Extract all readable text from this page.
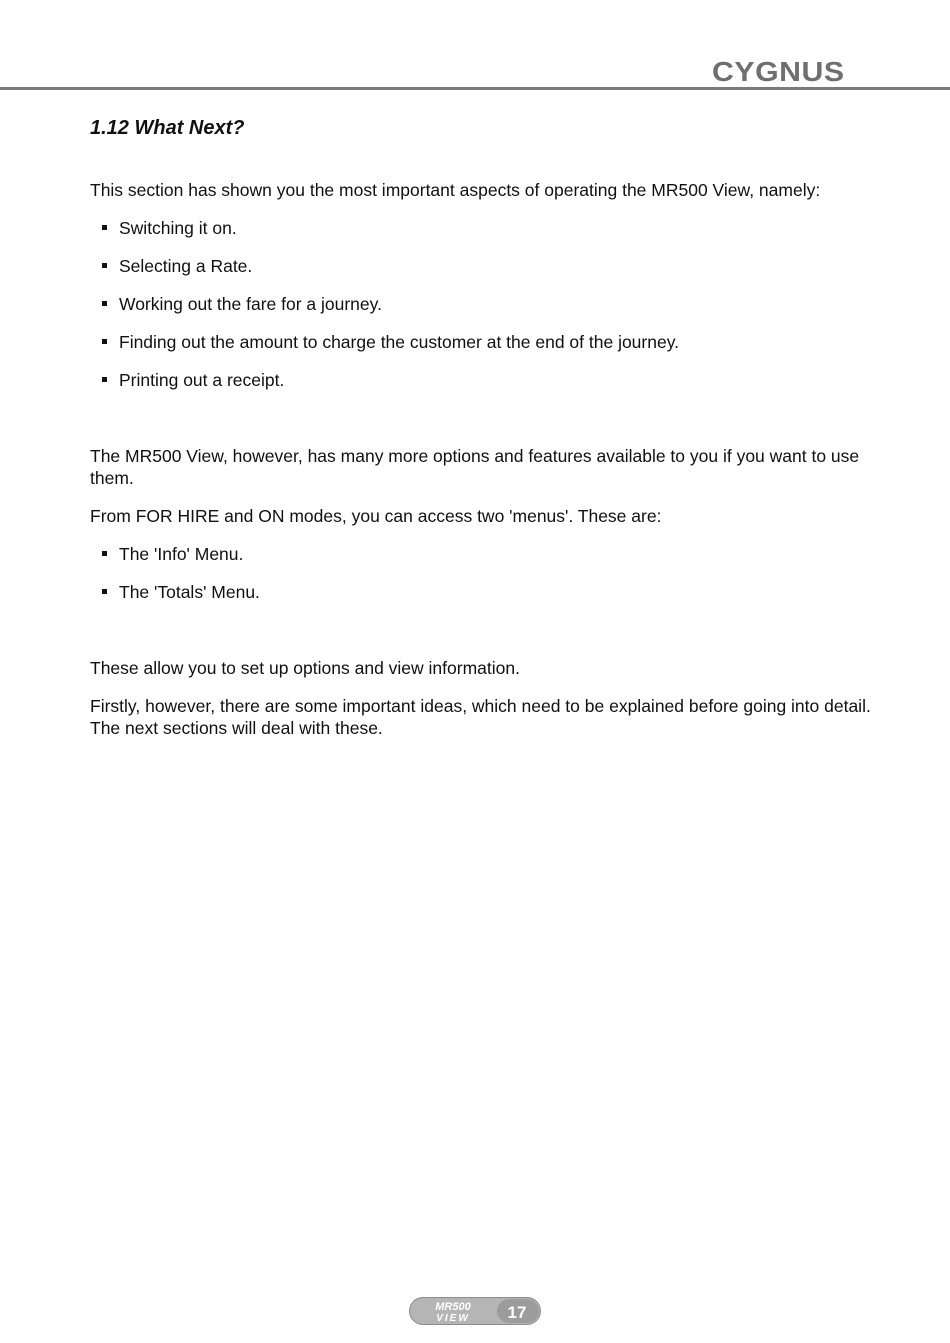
CYGNUS
1.12 What Next?

This section has shown you the most important aspects of operating the MR500 View, namely:

Switching it on.
Selecting a Rate.
Working out the fare for a journey.
Finding out the amount to charge the customer at the end of the journey.
Printing out a receipt.

The MR500 View, however, has many more options and features available to you if you want to use them.

From FOR HIRE and ON modes, you can access two 'menus'. These are:

The 'Info' Menu.
The 'Totals' Menu.

These allow you to set up options and view information.

Firstly, however, there are some important ideas, which need to be explained before going into detail. The next sections will deal with these.

MR500
VIEW 17
